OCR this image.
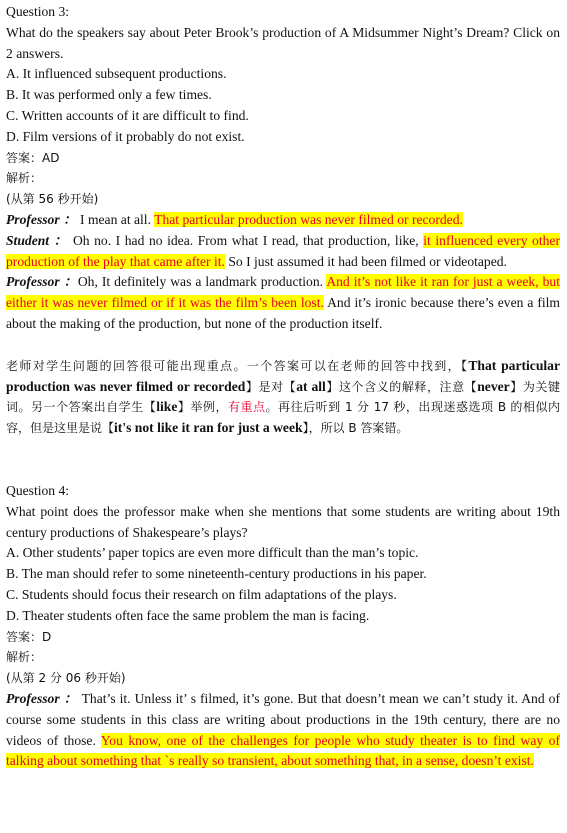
Question 3:
What do the speakers say about Peter Brook’s production of A Midsummer Night’s Dream? Click on 2 answers.
A. It influenced subsequent productions.
B. It was performed only a few times.
C. Written accounts of it are difficult to find.
D. Film versions of it probably do not exist.
答案：AD
解析：
(从第 56 秒开始)
Professor ： I mean at all. That particular production was never filmed or recorded.
Student ： Oh no. I had no idea. From what I read, that production, like, it influenced every other production of the play that came after it. So I just assumed it had been filmed or videotaped.
Professor ：Oh, It definitely was a landmark production. And it’s not like it ran for just a week, but either it was never filmed or if it was the film’s been lost. And it’s ironic because there’s even a film about the making of the production, but none of the production itself.
老师对学生问题的回答很可能出现重点。一个答案可以在老师的回答中找到，【That particular production was never filmed or recorded】是对【at all】这个含义的解释，注意【never】为关键词。另一个答案出自学生【like】举例，有重点。再往后听到 1 分 17 秒，出现迷惑选项 B 的相似内容，但是这里是说【it's not like it ran for just a week】，所以 B 答案错。
Question 4:
What point does the professor make when she mentions that some students are writing about 19th century productions of Shakespeare’s plays?
A. Other students’ paper topics are even more difficult than the man’s topic.
B. The man should refer to some nineteenth-century productions in his paper.
C. Students should focus their research on film adaptations of the plays.
D. Theater students often face the same problem the man is facing.
答案：D
解析：
(从第 2 分 06 秒开始)
Professor ： That’s it. Unless it’ s filmed, it’s gone. But that doesn’t mean we can’t study it. And of course some students in this class are writing about productions in the 19th century, there are no videos of those. You know, one of the challenges for people who study theater is to find way of talking about something that `s really so transient, about something that, in a sense, doesn’t exist.
